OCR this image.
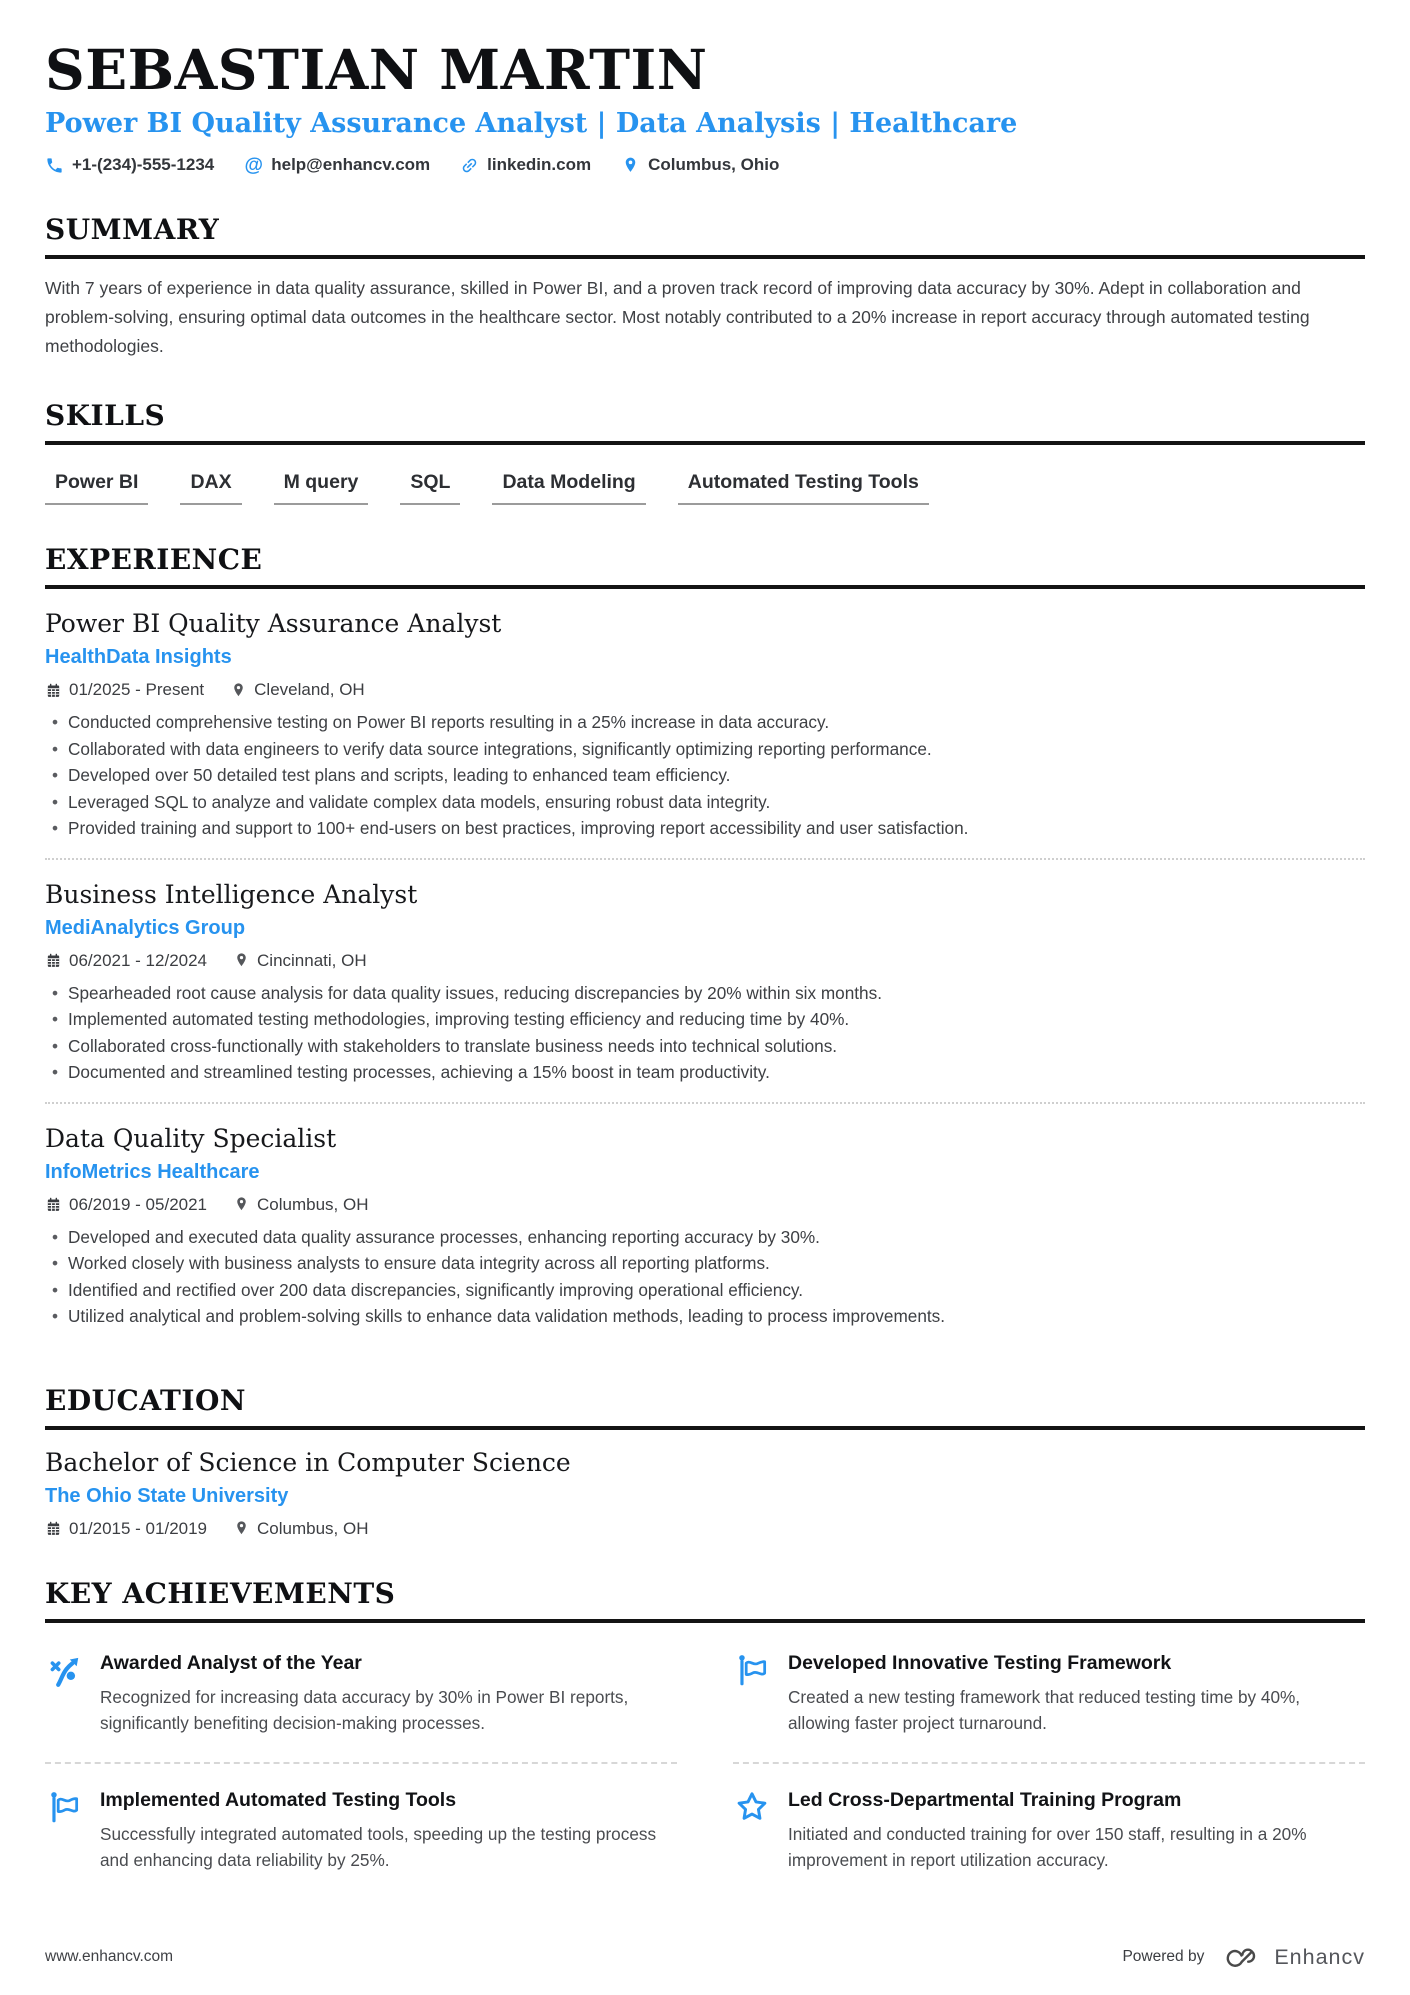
SEBASTIAN MARTIN
Power BI Quality Assurance Analyst | Data Analysis | Healthcare
+1-(234)-555-1234 @ help@enhancv.com	linkedin.com	Columbus, Ohio
SUMMARY

With 7 years of experience in data quality assurance, skilled in Power BI, and a proven track record of improving data accuracy by 30%. Adept in collaboration and problem-solving, ensuring optimal data outcomes in the healthcare sector. Most notably contributed to a 20% increase in report accuracy through automated testing methodologies.

SKILLS
Power BI	DAX	M query	SQL	Data Modeling	Automated Testing Tools
EXPERIENCE
Power BI Quality Assurance Analyst
HealthData Insights
01/2025 - Present	Cleveland, OH
• Conducted comprehensive testing on Power BI reports resulting in a 25% increase in data accuracy.
• Collaborated with data engineers to verify data source integrations, significantly optimizing reporting performance.
• Developed over 50 detailed test plans and scripts, leading to enhanced team efficiency.
• Leveraged SQL to analyze and validate complex data models, ensuring robust data integrity.
• Provided training and support to 100+ end-users on best practices, improving report accessibility and user satisfaction.
Business Intelligence Analyst
MediAnalytics Group
06/2021 - 12/2024	Cincinnati, OH
• Spearheaded root cause analysis for data quality issues, reducing discrepancies by 20% within six months.
• Implemented automated testing methodologies, improving testing efficiency and reducing time by 40%.
• Collaborated cross-functionally with stakeholders to translate business needs into technical solutions.
• Documented and streamlined testing processes, achieving a 15% boost in team productivity.
Data Quality Specialist
InfoMetrics Healthcare
06/2019 - 05/2021	Columbus, OH
• Developed and executed data quality assurance processes, enhancing reporting accuracy by 30%.
• Worked closely with business analysts to ensure data integrity across all reporting platforms.
• Identified and rectified over 200 data discrepancies, significantly improving operational efficiency.
• Utilized analytical and problem-solving skills to enhance data validation methods, leading to process improvements.
EDUCATION
Bachelor of Science in Computer Science
The Ohio State University
01/2015 - 01/2019	Columbus, OH
KEY ACHIEVEMENTS
Awarded Analyst of the Year

Recognized for increasing data accuracy by 30% in Power BI reports, significantly benefiting decision-making processes.

Developed Innovative Testing Framework

Created a new testing framework that reduced testing time by 40%, allowing faster project turnaround.

Implemented Automated Testing Tools

Successfully integrated automated tools, speeding up the testing process and enhancing data reliability by 25%.

Led Cross-Departmental Training Program

Initiated and conducted training for over 150 staff, resulting in a 20% improvement in report utilization accuracy.

www.enhancv.com	Powered by	Enhancv
